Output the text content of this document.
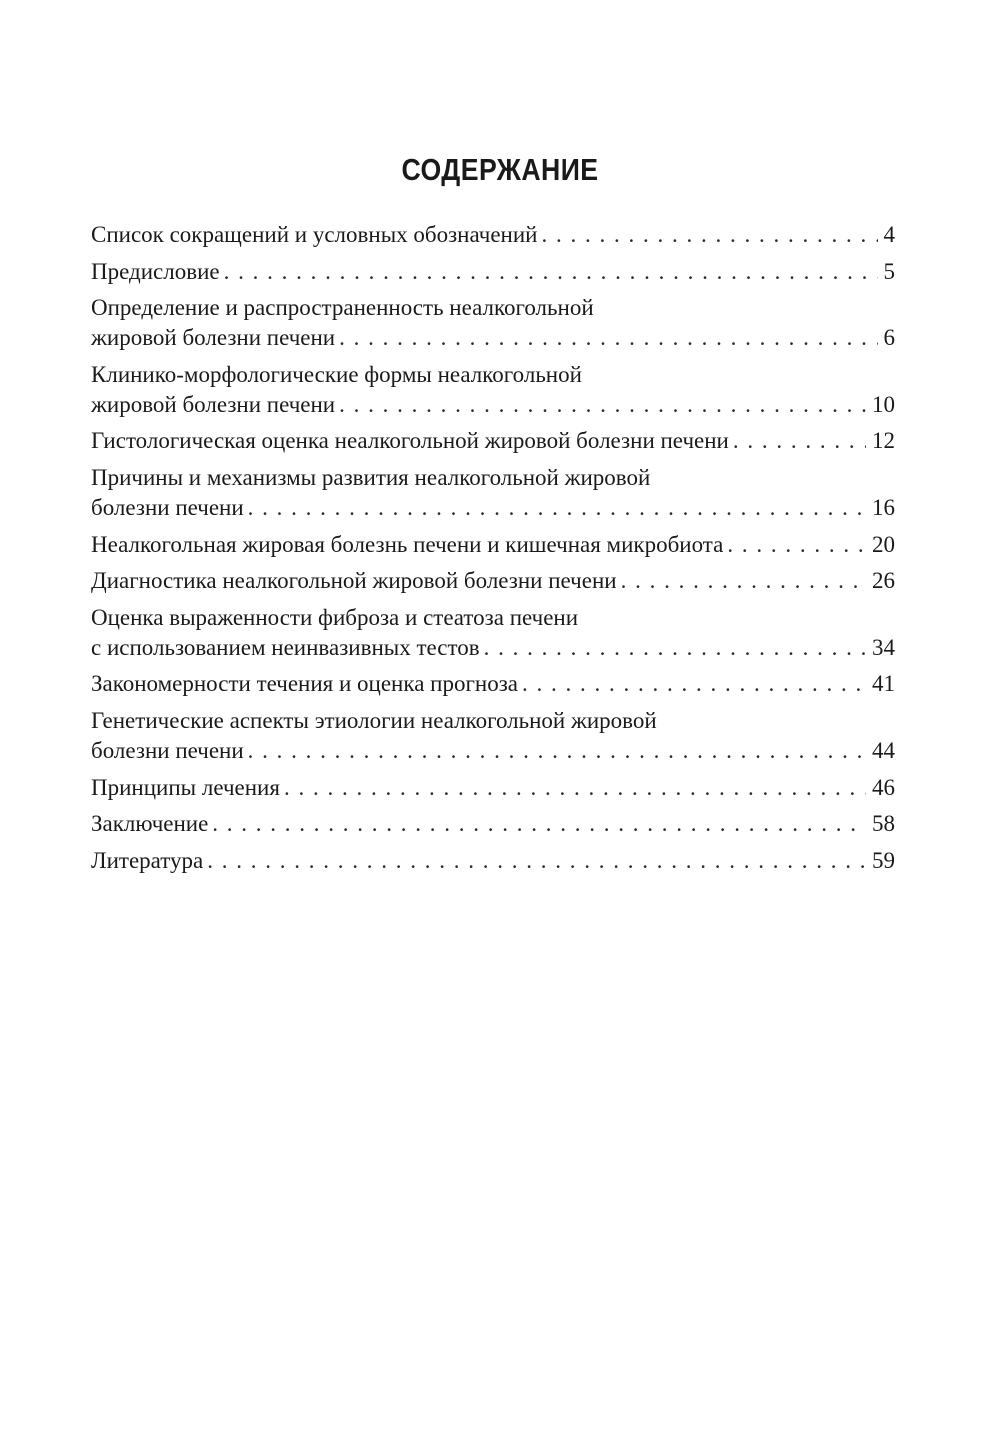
СОДЕРЖАНИЕ
Список сокращений и условных обозначений . . .	4
Предисловие . . .	5
Определение и распространенность неалкогольной
жировой болезни печени . . .	6
Клинико-морфологические формы неалкогольной
жировой болезни печени . . .	10
Гистологическая оценка неалкогольной жировой болезни печени . . .	12
Причины и механизмы развития неалкогольной жировой
болезни печени . . .	16
Неалкогольная жировая болезнь печени и кишечная микробиота . . .	20
Диагностика неалкогольной жировой болезни печени . . .	26
Оценка выраженности фиброза и стеатоза печени
с использованием неинвазивных тестов . . .	34
Закономерности течения и оценка прогноза . . .	41
Генетические аспекты этиологии неалкогольной жировой
болезни печени . . .	44
Принципы лечения . . .	46
Заключение . . .	58
Литература . . .	59
